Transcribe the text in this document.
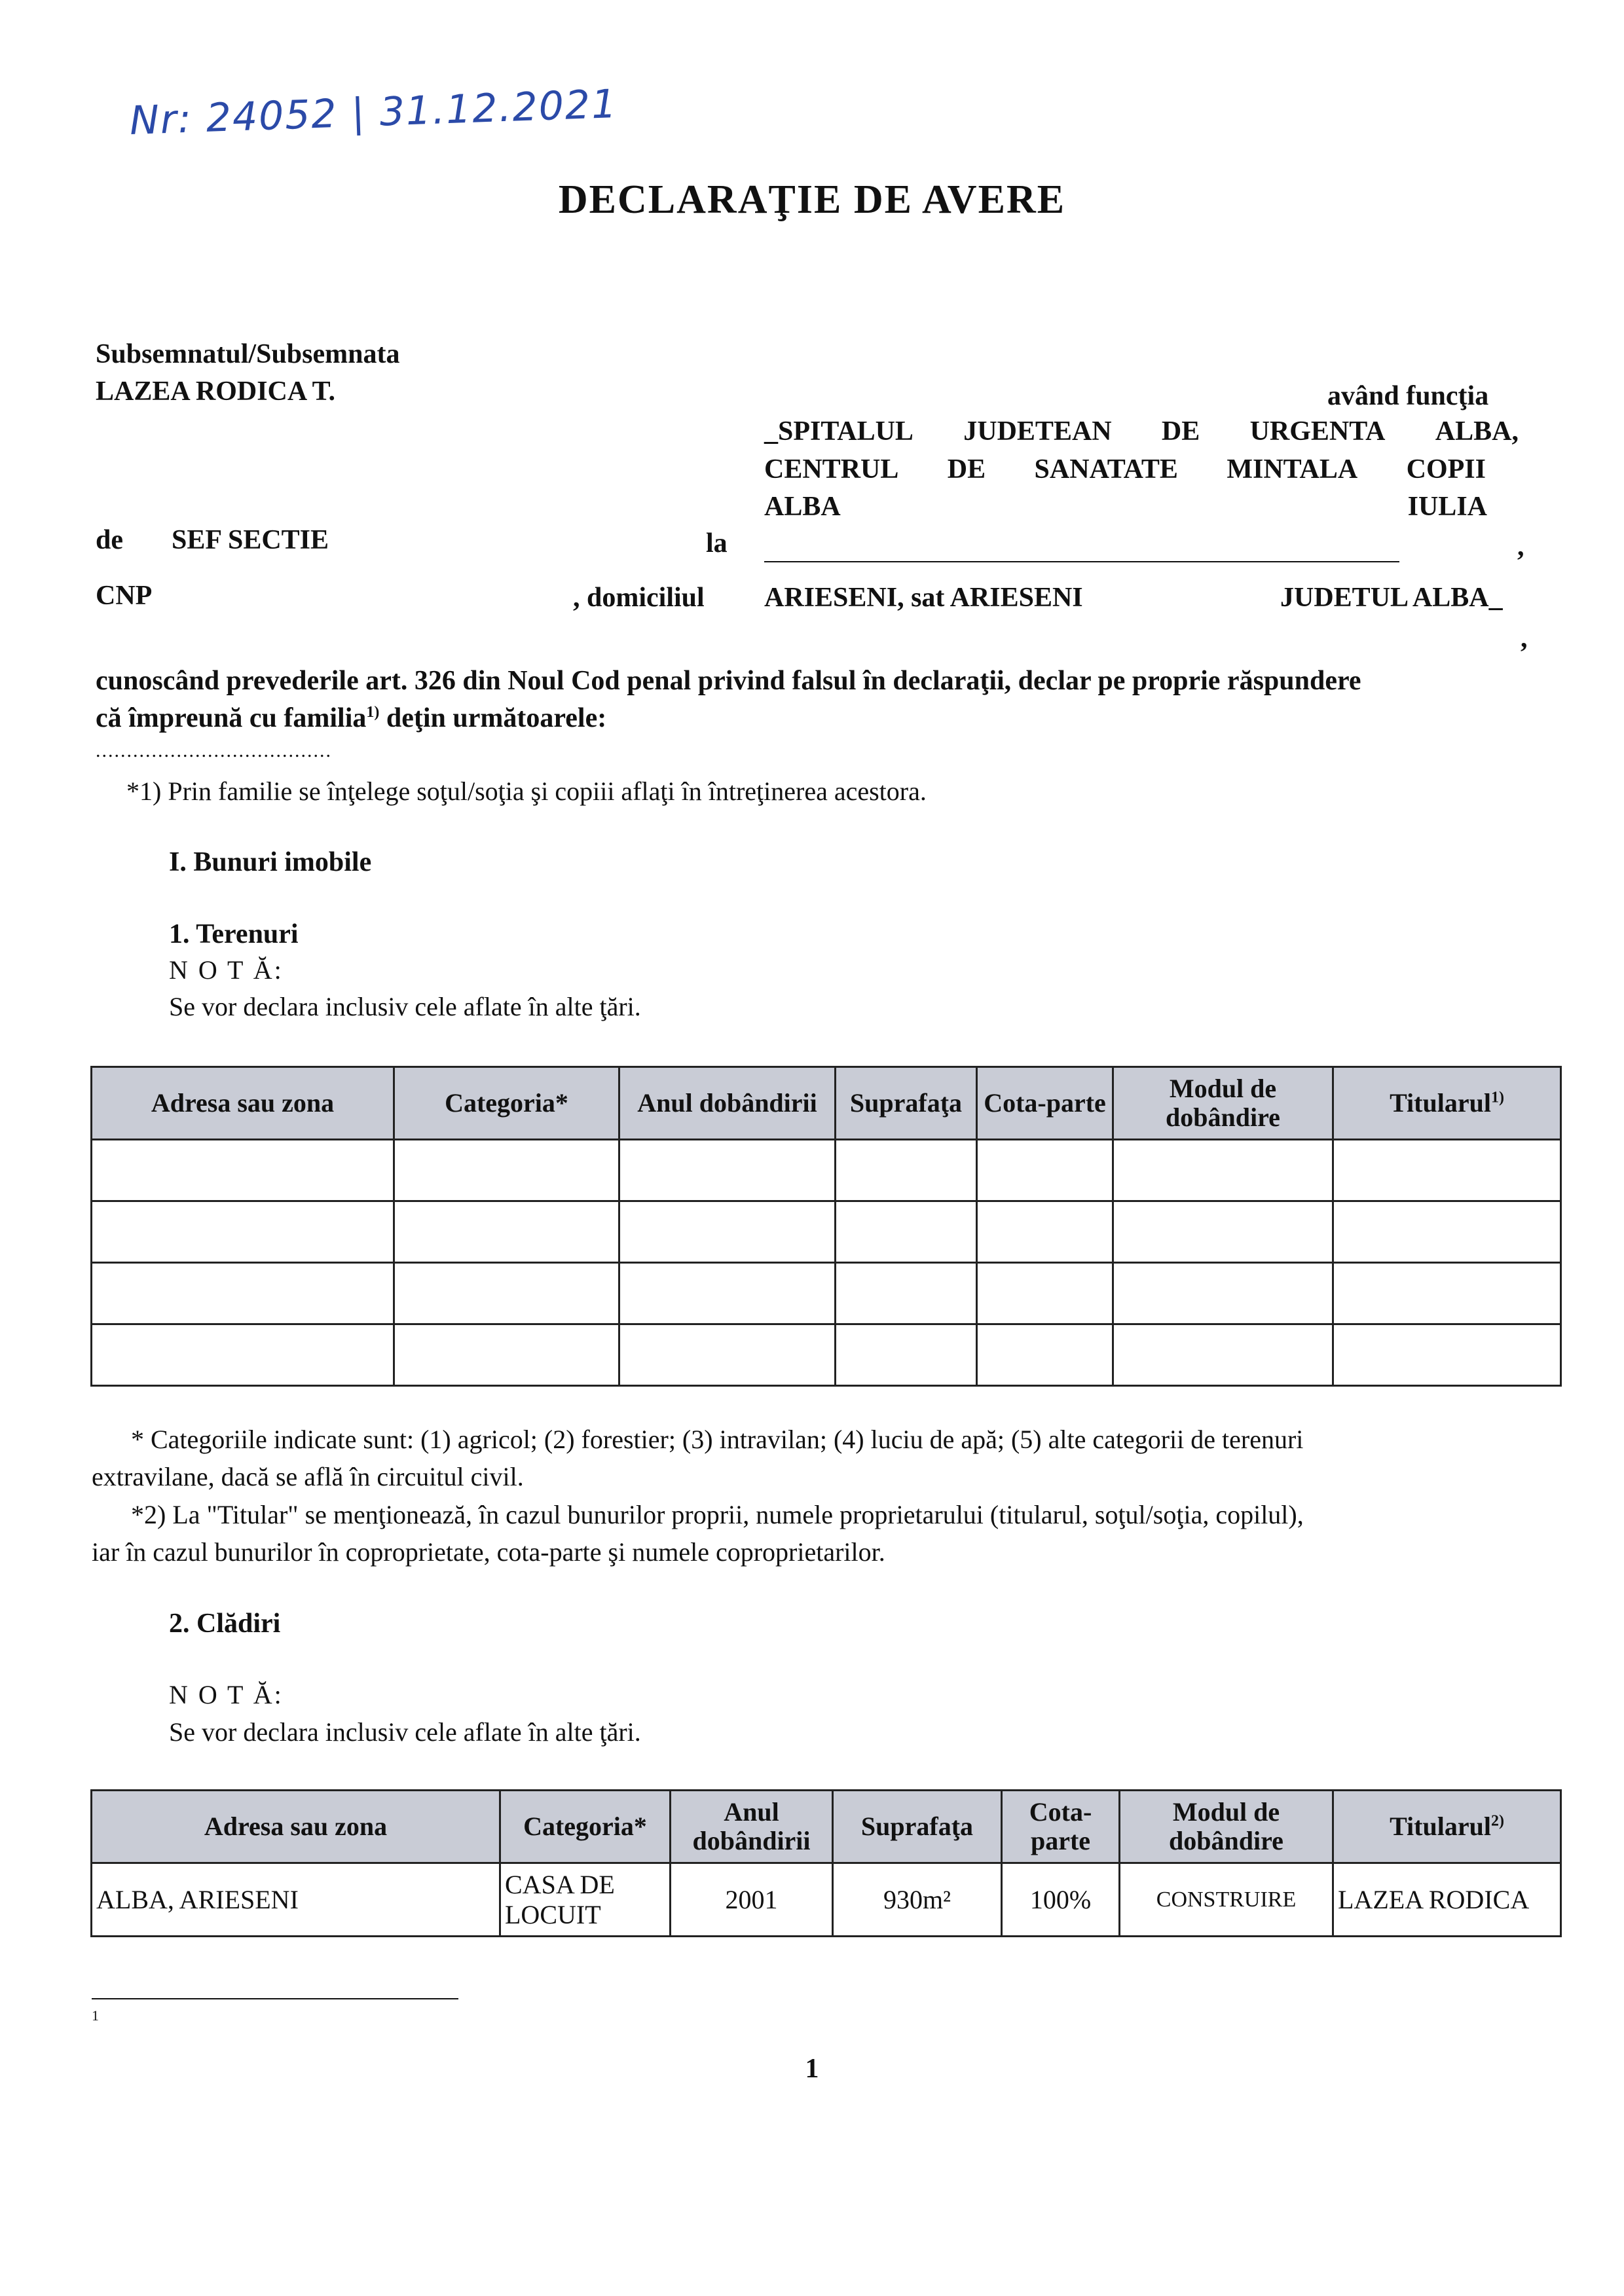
Nr: 24052 | 31.12.2021
DECLARAŢIE DE AVERE
Subsemnatul/Subsemnata
LAZEA RODICA T.	având funcţia
_SPITALUL JUDETEAN DE URGENTA ALBA,
CENTRUL DE SANATATE MINTALA COPII
ALBA	IULIA
de SEF SECTIE	la	,
CNP	, domiciliul ARIESENI, sat ARIESENI	JUDETUL ALBA_
,
cunoscând prevederile art. 326 din Noul Cod penal privind falsul în declaraţii, declar pe proprie răspundere
că împreună cu familia$^{1)}$ deţin următoarele:
......................................
*1) Prin familie se înţelege soţul/soţia şi copiii aflaţi în întreţinerea acestora.
I. Bunuri imobile
1. Terenuri
N O T Ă:
Se vor declara inclusiv cele aflate în alte ţări.
Adresa sau zona	Categoria*	Anul dobândirii	Suprafaţa	Cota-parte	Modul de dobândire	Titularul$^{1)}$

* Categoriile indicate sunt: (1) agricol; (2) forestier; (3) intravilan; (4) luciu de apă; (5) alte categorii de terenuri
extravilane, dacă se află în circuitul civil.
*2) La "Titular" se menţionează, în cazul bunurilor proprii, numele proprietarului (titularul, soţul/soţia, copilul),
iar în cazul bunurilor în coproprietate, cota-parte şi numele coproprietarilor.
2. Clădiri
N O T Ă:
Se vor declara inclusiv cele aflate în alte ţări.
Adresa sau zona	Categoria*	Anul dobândirii	Suprafaţa	Cota-parte	Modul de dobândire	Titularul$^{2)}$
ALBA, ARIESENI	CASA DE LOCUIT	2001	930m²	100%	CONSTRUIRE	LAZEA RODICA
1
1
